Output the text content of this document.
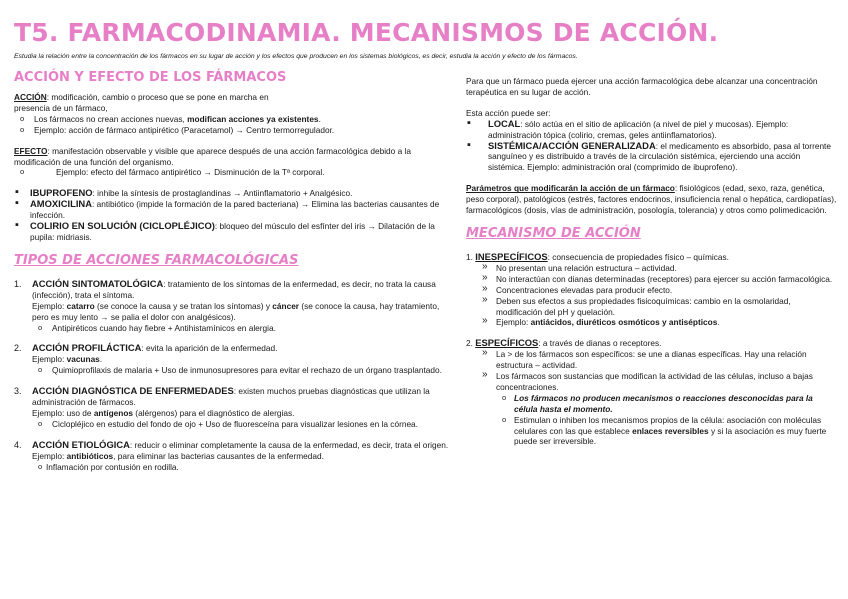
T5. FARMACODINAMIA. MECANISMOS DE ACCIÓN.
Estudia la relación entre la concentración de los fármacos en su lugar de acción y los efectos que producen en los sistemas biológicos, es decir, estudia la acción y efecto de los fármacos.
ACCIÓN Y EFECTO DE LOS FÁRMACOS

ACCIÓN: modificación, cambio o proceso que se pone en marcha en
presencia de un fármaco,

o Los fármacos no crean acciones nuevas, modifican acciones ya existentes.
o Ejemplo: acción de fármaco antipirético (Paracetamol) → Centro termorregulador.

EFECTO: manifestación observable y visible que aparece después de una acción farmacológica debido a la modificación de una función del organismo.

o Ejemplo: efecto del fármaco antipirético → Disminución de la Tª corporal.
▪ IBUPROFENO: inhibe la síntesis de prostaglandinas → Antiinflamatorio + Analgésico.
▪ AMOXICILINA: antibiótico (impide la formación de la pared bacteriana) → Elimina las bacterias causantes de infección.
▪ COLIRIO EN SOLUCIÓN (CICLOPLÉJICO): bloqueo del músculo del esfínter del iris → Dilatación de la pupila: midriasis.
TIPOS DE ACCIONES FARMACOLÓGICAS
1. ACCIÓN SINTOMATOLÓGICA: tratamiento de los síntomas de la enfermedad, es decir, no trata la causa (infección), trata el síntoma.
Ejemplo: catarro (se conoce la causa y se tratan los síntomas) y cáncer (se conoce la causa, hay tratamiento, pero es muy lento → se palia el dolor con analgésicos).
o Antipiréticos cuando hay fiebre + Antihistamínicos en alergia.
2. ACCIÓN PROFILÁCTICA: evita la aparición de la enfermedad.
Ejemplo: vacunas.
o Quimioprofilaxis de malaria + Uso de inmunosupresores para evitar el rechazo de un órgano trasplantado.
3. ACCIÓN DIAGNÓSTICA DE ENFERMEDADES: existen muchos pruebas diagnósticas que utilizan la administración de fármacos.
Ejemplo: uso de antígenos (alérgenos) para el diagnóstico de alergias.
o Ciclopléjico en estudio del fondo de ojo + Uso de fluoresceína para visualizar lesiones en la córnea.
4. ACCIÓN ETIOLÓGICA: reducir o eliminar completamente la causa de la enfermedad, es decir, trata el origen.
Ejemplo: antibióticos, para eliminar las bacterias causantes de la enfermedad.
o Inflamación por contusión en rodilla.

Para que un fármaco pueda ejercer una acción farmacológica debe alcanzar una concentración terapéutica en su lugar de acción.

Esta acción puede ser:

▪ LOCAL: sólo actúa en el sitio de aplicación (a nivel de piel y mucosas). Ejemplo: administración tópica (colirio, cremas, geles antiinflamatorios).
▪ SISTÉMICA/ACCIÓN GENERALIZADA: el medicamento es absorbido, pasa al torrente sanguíneo y es distribuido a través de la circulación sistémica, ejerciendo una acción sistémica. Ejemplo: administración oral (comprimido de ibuprofeno).

Parámetros que modificarán la acción de un fármaco: fisiológicos (edad, sexo, raza, genética, peso corporal), patológicos (estrés, factores endocrinos, insuficiencia renal o hepática, cardiopatías), farmacológicos (dosis, vías de administración, posología, tolerancia) y otros como polimedicación.

MECANISMO DE ACCIÓN

1. INESPECÍFICOS: consecuencia de propiedades físico – químicas.

» No presentan una relación estructura – actividad.
» No interactúan con dianas determinadas (receptores) para ejercer su acción farmacológica.
» Concentraciones elevadas para producir efecto.
» Deben sus efectos a sus propiedades fisicoquímicas: cambio en la osmolaridad, modificación del pH y quelación.
» Ejemplo: antiácidos, diuréticos osmóticos y antisépticos.

2. ESPECÍFICOS: a través de dianas o receptores.

» La > de los fármacos son específicos: se une a dianas específicas. Hay una relación estructura – actividad.
» Los fármacos son sustancias que modifican la actividad de las células, incluso a bajas concentraciones.
o Los fármacos no producen mecanismos o reacciones desconocidas para la célula hasta el momento.
o Estimulan o inhiben los mecanismos propios de la célula: asociación con moléculas celulares con las que establece enlaces reversibles y si la asociación es muy fuerte puede ser irreversible.
